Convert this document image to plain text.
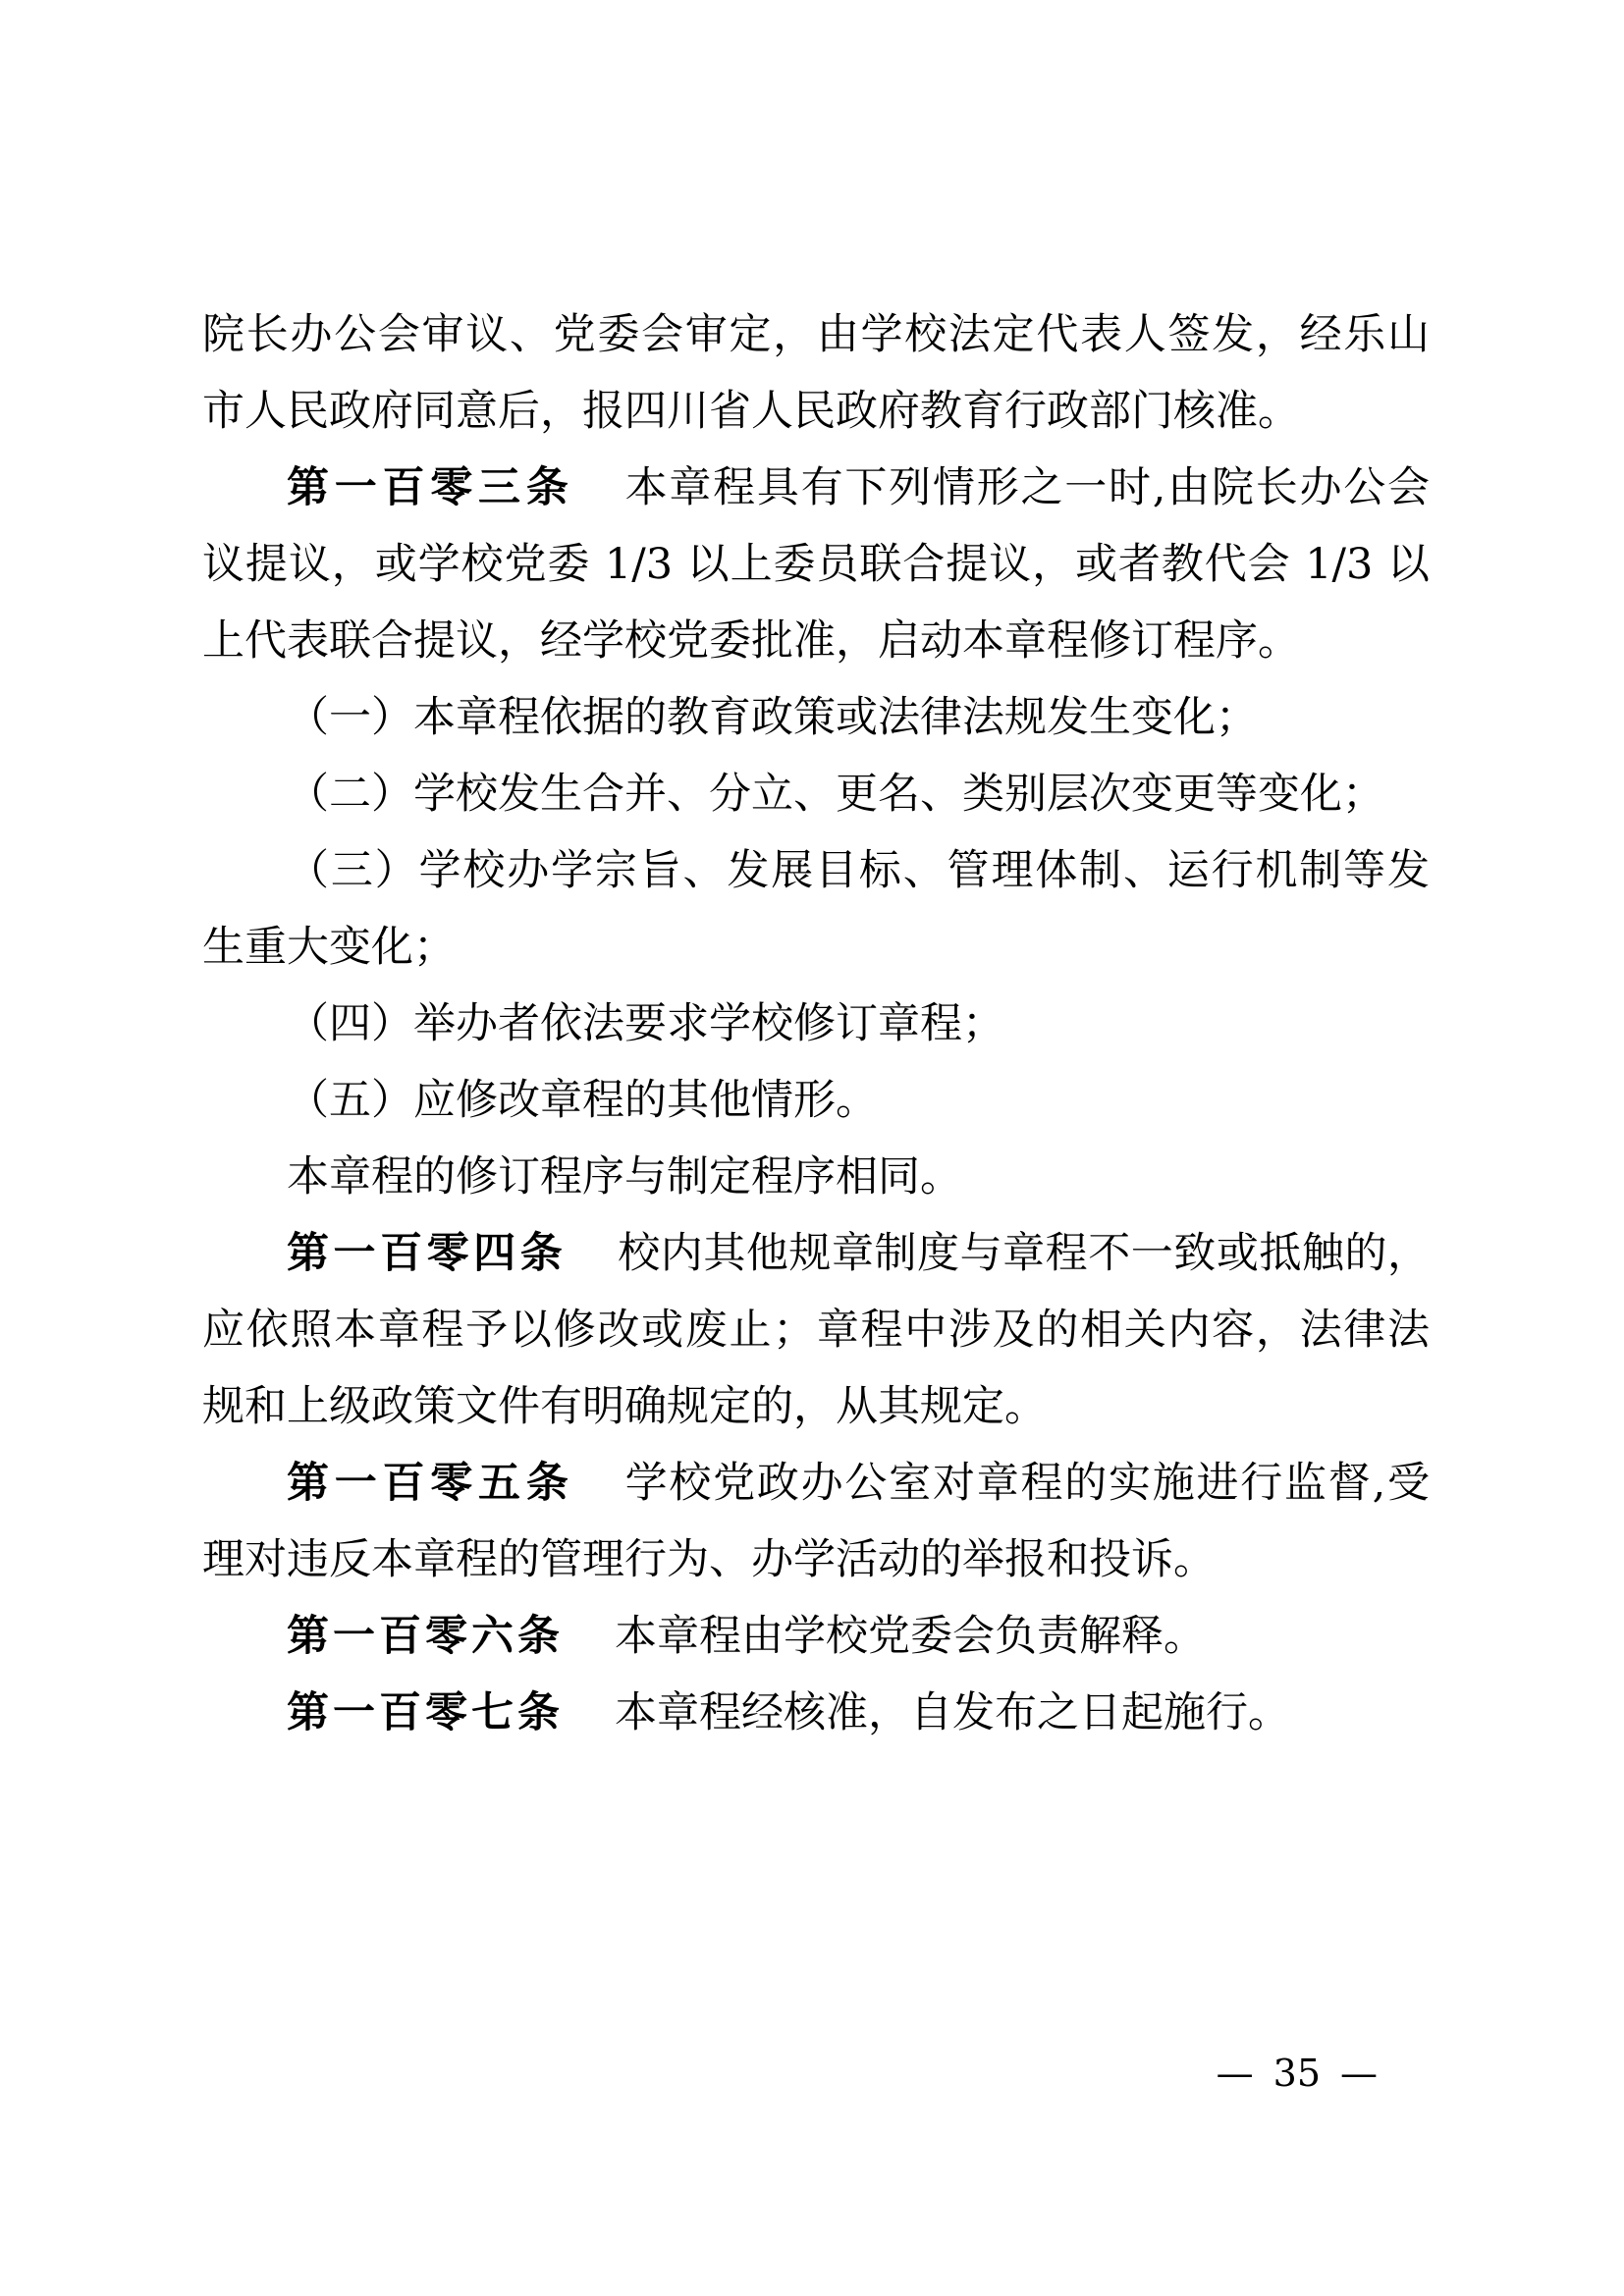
院长办公会审议、党委会审定，由学校法定代表人签发，经乐山
市人民政府同意后，报四川省人民政府教育行政部门核准。
第一百零三条 本章程具有下列情形之一时,由院长办公会
议提议，或学校党委 1/3 以上委员联合提议，或者教代会 1/3 以
上代表联合提议，经学校党委批准，启动本章程修订程序。
（一）本章程依据的教育政策或法律法规发生变化；
（二）学校发生合并、分立、更名、类别层次变更等变化；
（三）学校办学宗旨、发展目标、管理体制、运行机制等发
生重大变化；
（四）举办者依法要求学校修订章程；
（五）应修改章程的其他情形。
本章程的修订程序与制定程序相同。
第一百零四条 校内其他规章制度与章程不一致或抵触的，
应依照本章程予以修改或废止；章程中涉及的相关内容，法律法
规和上级政策文件有明确规定的，从其规定。
第一百零五条 学校党政办公室对章程的实施进行监督,受
理对违反本章程的管理行为、办学活动的举报和投诉。
第一百零六条 本章程由学校党委会负责解释。
第一百零七条 本章程经核准，自发布之日起施行。
— 35 —
